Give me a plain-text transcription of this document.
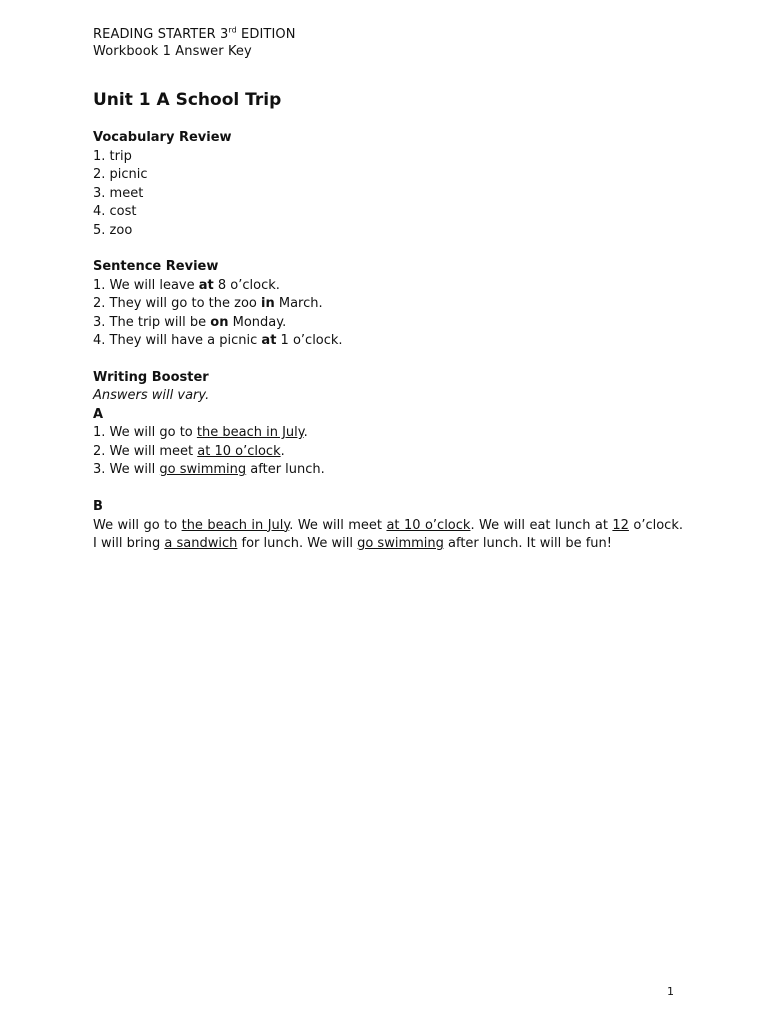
READING STARTER 3rd EDITION
Workbook 1 Answer Key
Unit 1 A School Trip
Vocabulary Review
1. trip
2. picnic
3. meet
4. cost
5. zoo
Sentence Review
1. We will leave at 8 o’clock.
2. They will go to the zoo in March.
3. The trip will be on Monday.
4. They will have a picnic at 1 o’clock.
Writing Booster
Answers will vary.
A
1. We will go to the beach in July.
2. We will meet at 10 o’clock.
3. We will go swimming after lunch.
B
We will go to the beach in July. We will meet at 10 o’clock. We will eat lunch at 12 o’clock. I will bring a sandwich for lunch. We will go swimming after lunch. It will be fun!
1
